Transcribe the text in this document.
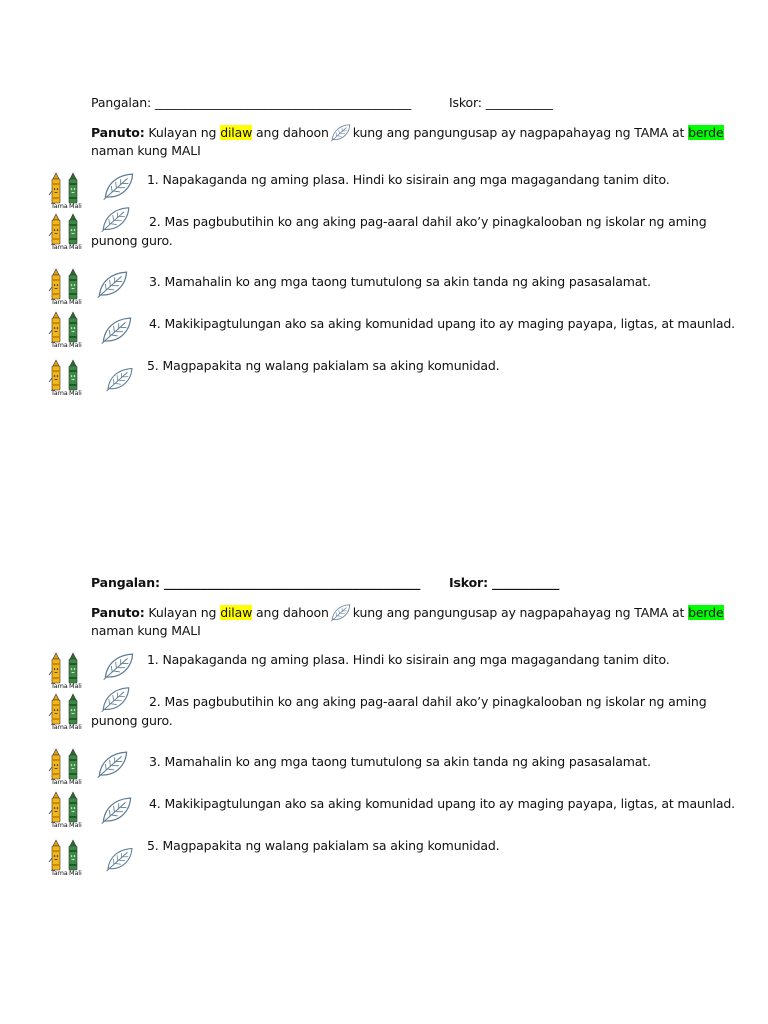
Pangalan: __________________________________________	Iskor: ___________
Panuto: Kulayan ng dilaw ang dahoon kung ang pangungusap ay nagpapahayag ng TAMA at berde
naman kung MALI
Tama Mali
1. Napakaganda ng aming plasa. Hindi ko sisirain ang mga magagandang tanim dito.
Tama Mali
2. Mas pagbubutihin ko ang aking pag-aaral dahil ako’y pinagkalooban ng iskolar ng aming
punong guro.
Tama Mali
3. Mamahalin ko ang mga taong tumutulong sa akin tanda ng aking pasasalamat.
Tama Mali
4. Makikipagtulungan ako sa aking komunidad upang ito ay maging payapa, ligtas, at maunlad.
Tama Mali
5. Magpapakita ng walang pakialam sa aking komunidad.
Pangalan: __________________________________________ Iskor: ___________
Panuto: Kulayan ng dilaw ang dahoon kung ang pangungusap ay nagpapahayag ng TAMA at berde
naman kung MALI
Tama Mali
1. Napakaganda ng aming plasa. Hindi ko sisirain ang mga magagandang tanim dito.
Tama Mali
2. Mas pagbubutihin ko ang aking pag-aaral dahil ako’y pinagkalooban ng iskolar ng aming
punong guro.
Tama Mali
3. Mamahalin ko ang mga taong tumutulong sa akin tanda ng aking pasasalamat.
Tama Mali
4. Makikipagtulungan ako sa aking komunidad upang ito ay maging payapa, ligtas, at maunlad.
Tama Mali
5. Magpapakita ng walang pakialam sa aking komunidad.
